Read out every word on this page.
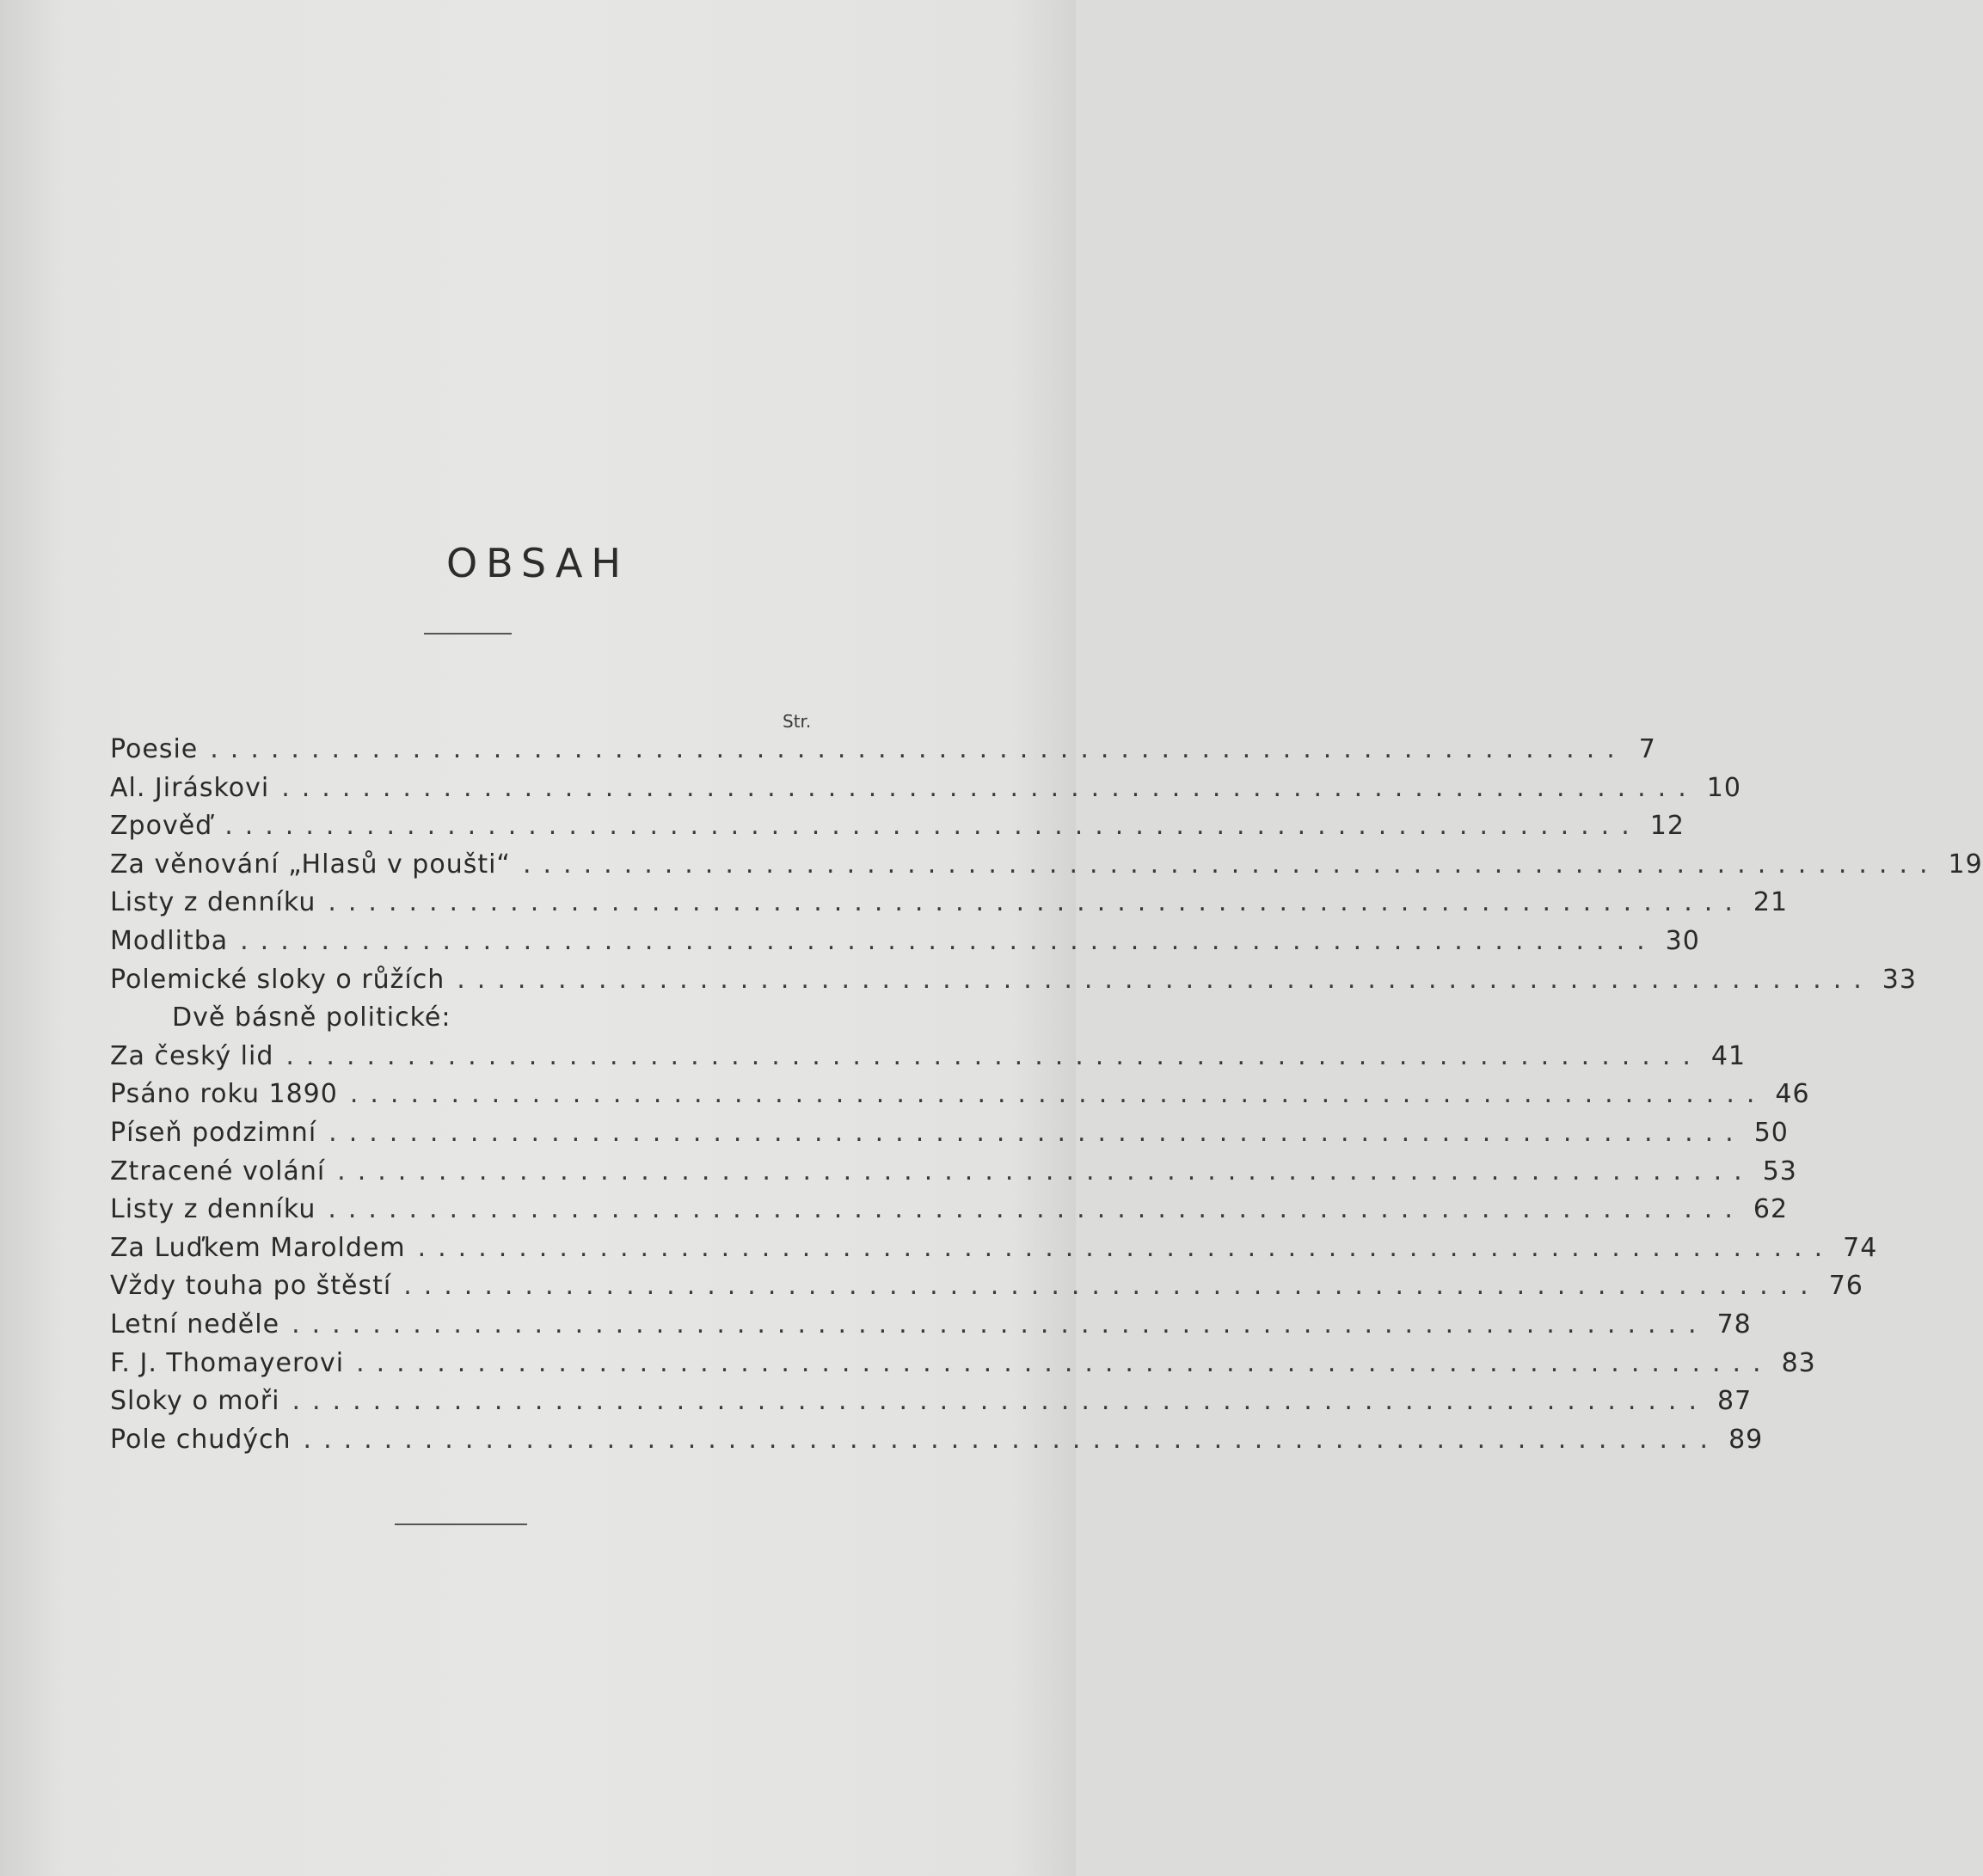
OBSAH
Str.
Poesie ...................................................................... 7
Al. Jiráskovi ...................................................................... 10
Zpověď ...................................................................... 12
Za věnování „Hlasů v poušti“ ...................................................................... 19
Listy z denníku ...................................................................... 21
Modlitba ...................................................................... 30
Polemické sloky o růžích ...................................................................... 33
Dvě básně politické:
Za český lid ...................................................................... 41
Psáno roku 1890 ...................................................................... 46
Píseň podzimní ...................................................................... 50
Ztracené volání ...................................................................... 53
Listy z denníku ...................................................................... 62
Za Luďkem Maroldem ...................................................................... 74
Vždy touha po štěstí ...................................................................... 76
Letní neděle ...................................................................... 78
F. J. Thomayerovi ...................................................................... 83
Sloky o moři ...................................................................... 87
Pole chudých ...................................................................... 89
